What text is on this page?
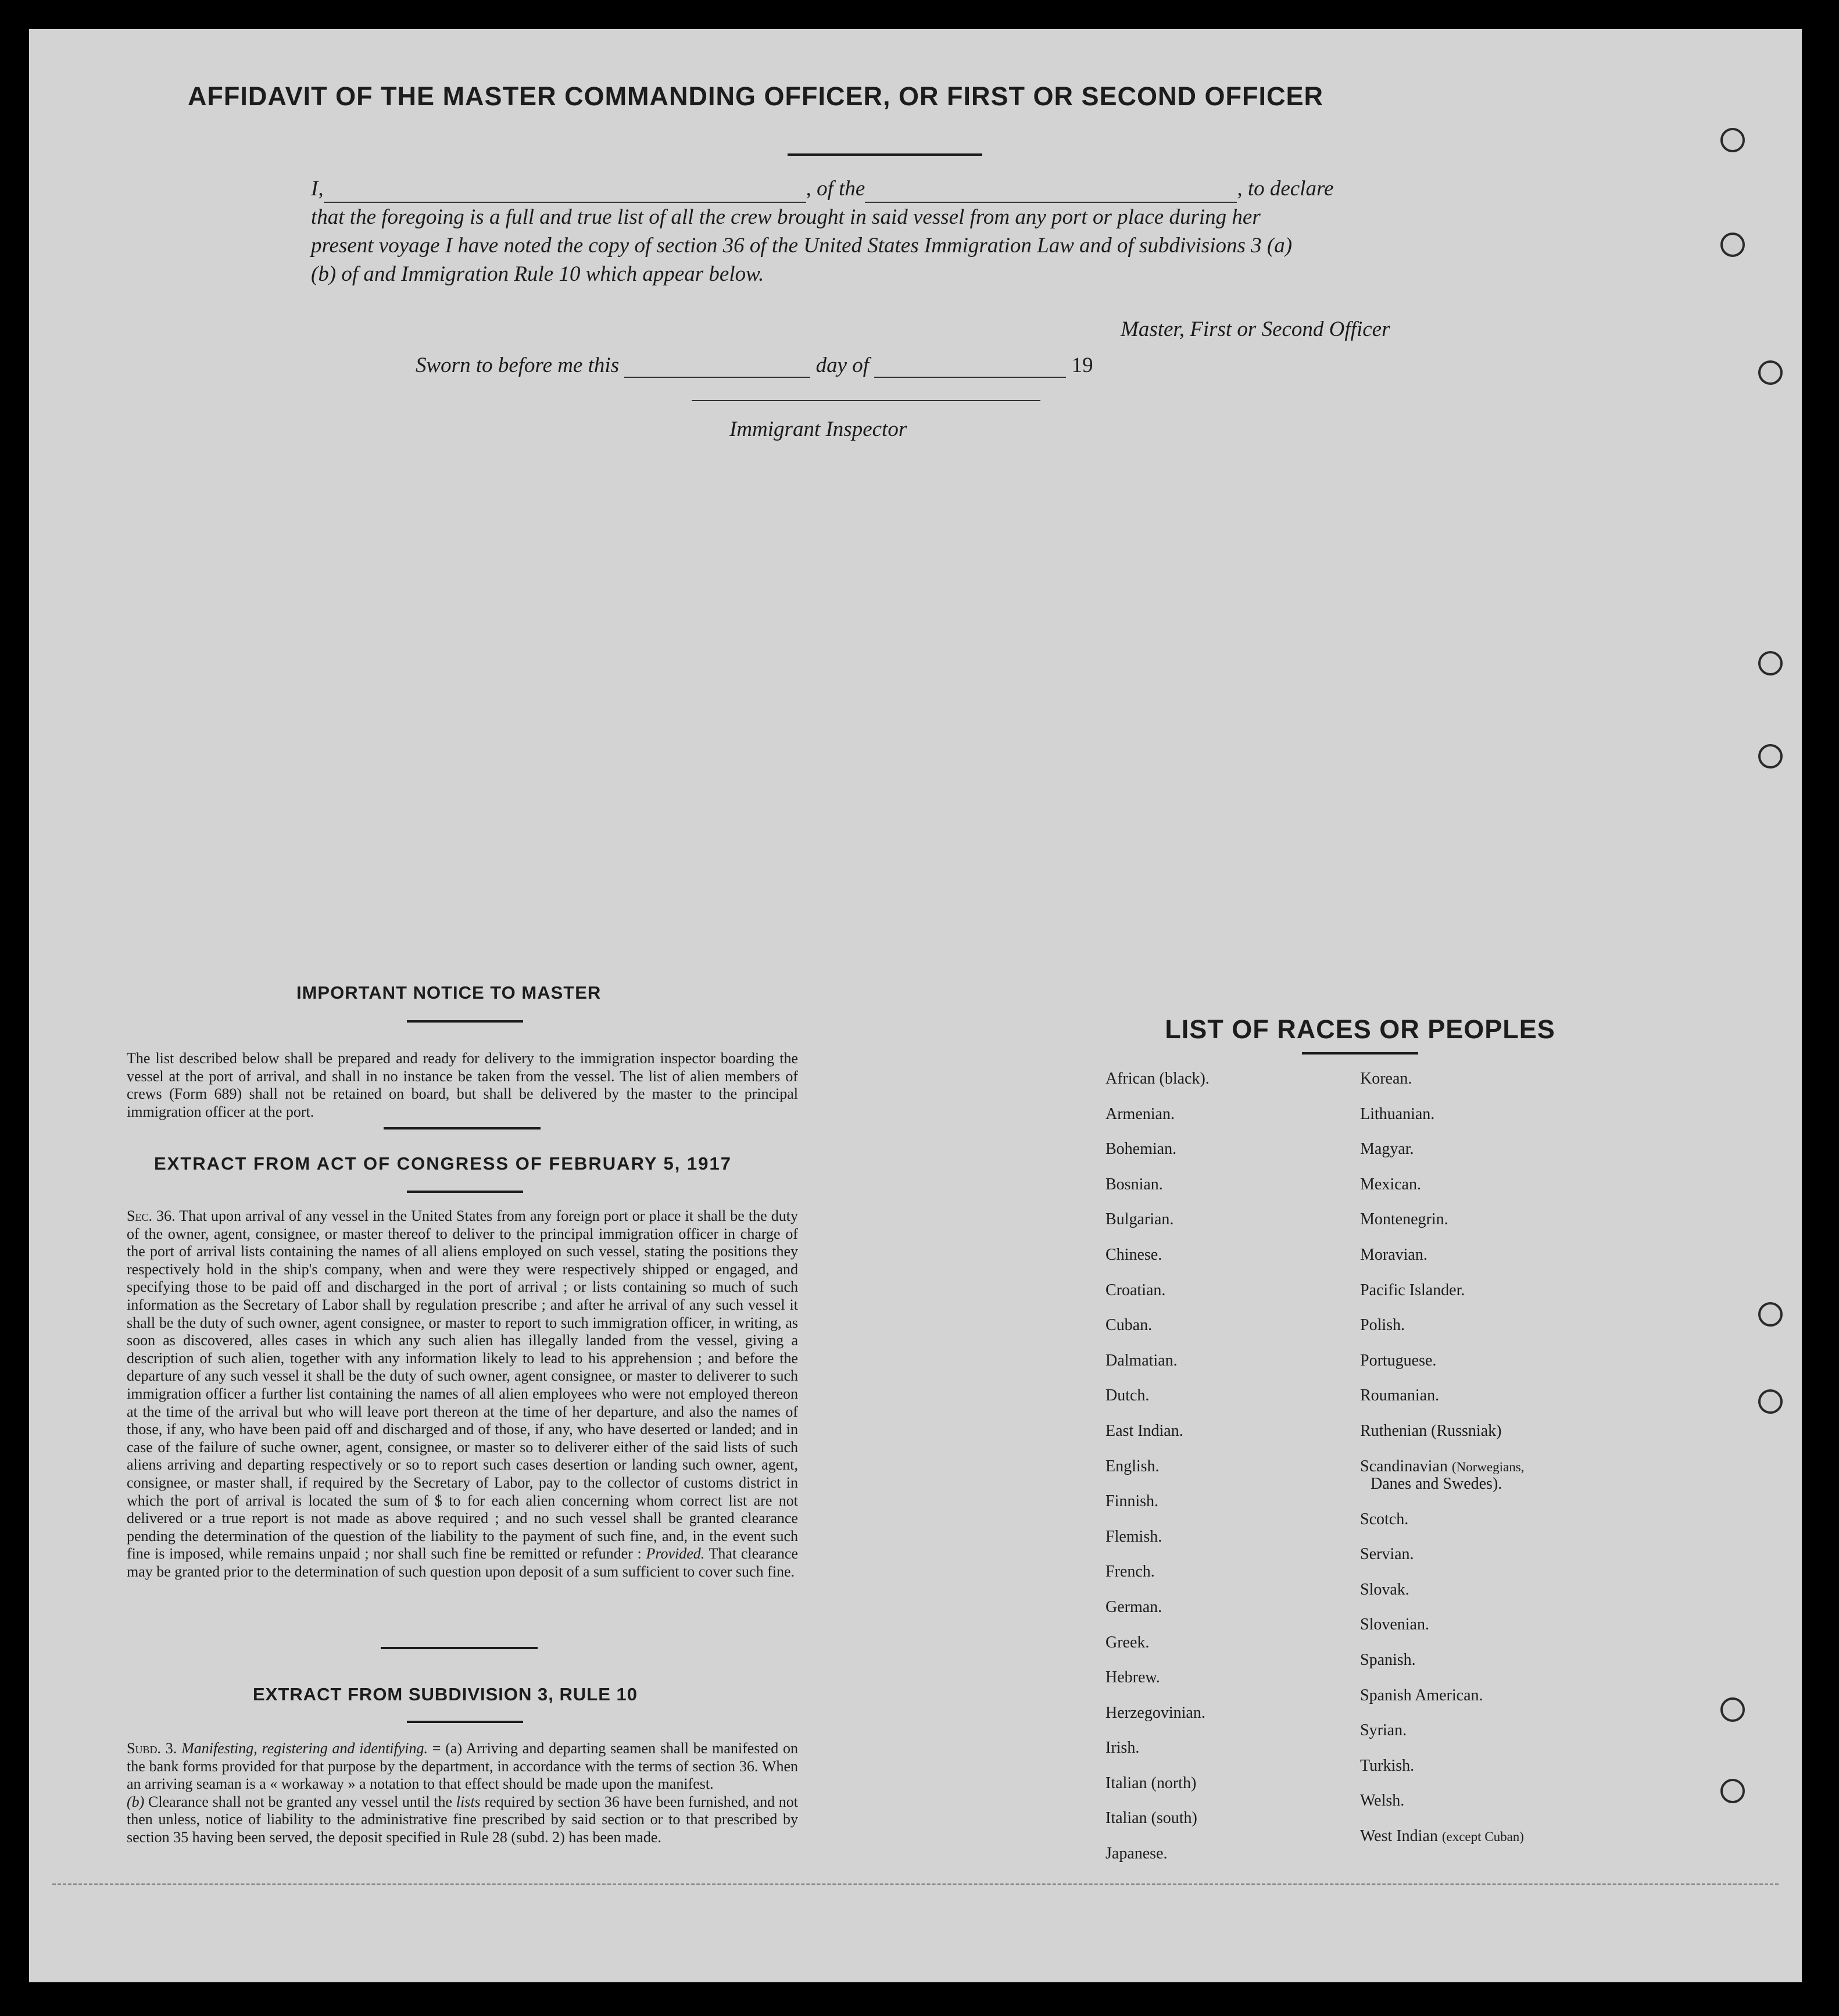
AFFIDAVIT OF THE MASTER COMMANDING OFFICER, OR FIRST OR SECOND OFFICER
I,	, of the	, to declare
that the foregoing is a full and true list of all the crew brought in said vessel from any port or place during her
present voyage I have noted the copy of section 36 of the United States Immigration Law and of subdivisions 3 (a)
(b) of and Immigration Rule 10 which appear below.
Master, First or Second Officer
Sworn to before me this	day of	19
Immigrant Inspector
IMPORTANT NOTICE TO MASTER
The list described below shall be prepared and ready for delivery to the immigration inspector boarding the vessel at the port of arrival, and shall in no instance be taken from the vessel. The list of alien members of crews (Form 689) shall not be retained on board, but shall be delivered by the master to the principal immigration officer at the port.
EXTRACT FROM ACT OF CONGRESS OF FEBRUARY 5, 1917
Sec. 36. That upon arrival of any vessel in the United States from any foreign port or place it shall be the duty of the owner, agent, consignee, or master thereof to deliver to the principal immigration officer in charge of the port of arrival lists containing the names of all aliens employed on such vessel, stating the positions they respectively hold in the ship's company, when and were they were respectively shipped or engaged, and specifying those to be paid off and discharged in the port of arrival ; or lists containing so much of such information as the Secretary of Labor shall by regulation prescribe ; and after he arrival of any such vessel it shall be the duty of such owner, agent consignee, or master to report to such immigration officer, in writing, as soon as discovered, alles cases in which any such alien has illegally landed from the vessel, giving a description of such alien, together with any information likely to lead to his apprehension ; and before the departure of any such vessel it shall be the duty of such owner, agent consignee, or master to deliverer to such immigration officer a further list containing the names of all alien employees who were not employed thereon at the time of the arrival but who will leave port thereon at the time of her departure, and also the names of those, if any, who have been paid off and discharged and of those, if any, who have deserted or landed; and in case of the failure of suche owner, agent, consignee, or master so to deliverer either of the said lists of such aliens arriving and departing respectively or so to report such cases desertion or landing such owner, agent, consignee, or master shall, if required by the Secretary of Labor, pay to the collector of customs district in which the port of arrival is located the sum of $ to for each alien concerning whom correct list are not delivered or a true report is not made as above required ; and no such vessel shall be granted clearance pending the determination of the question of the liability to the payment of such fine, and, in the event such fine is imposed, while remains unpaid ; nor shall such fine be remitted or refunder : Provided. That clearance may be granted prior to the determination of such question upon deposit of a sum sufficient to cover such fine.
EXTRACT FROM SUBDIVISION 3, RULE 10
Subd. 3. Manifesting, registering and identifying. = (a) Arriving and departing seamen shall be manifested on the bank forms provided for that purpose by the department, in accordance with the terms of section 36. When an arriving seaman is a « workaway » a notation to that effect should be made upon the manifest.
(b) Clearance shall not be granted any vessel until the lists required by section 36 have been furnished, and not then unless, notice of liability to the administrative fine prescribed by said section or to that prescribed by section 35 having been served, the deposit specified in Rule 28 (subd. 2) has been made.
LIST OF RACES OR PEOPLES
African (black).
Armenian.
Bohemian.
Bosnian.
Bulgarian.
Chinese.
Croatian.
Cuban.
Dalmatian.
Dutch.
East Indian.
English.
Finnish.
Flemish.
French.
German.
Greek.
Hebrew.
Herzegovinian.
Irish.
Italian (north)
Italian (south)
Japanese.
Korean.
Lithuanian.
Magyar.
Mexican.
Montenegrin.
Moravian.
Pacific Islander.
Polish.
Portuguese.
Roumanian.
Ruthenian (Russniak)
Scandinavian (Norwegians,
Danes and Swedes).
Scotch.
Servian.
Slovak.
Slovenian.
Spanish.
Spanish American.
Syrian.
Turkish.
Welsh.
West Indian (except Cuban)
